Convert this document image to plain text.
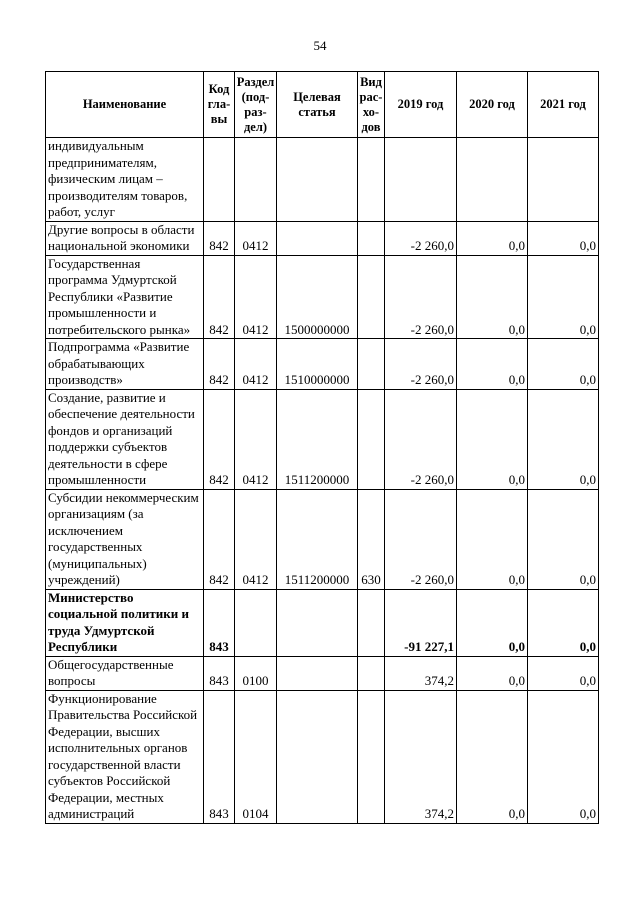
54
Наименование	Код гла-вы	Раздел (под-раз-дел)	Целевая статья	Вид рас-хо-дов	2019 год	2020 год	2021 год
индивидуальным предпринимателям, физическим лицам – производителям товаров, работ, услуг							
Другие вопросы в области национальной экономики	842	0412			-2 260,0	0,0	0,0
Государственная программа Удмуртской Республики «Развитие промышленности и потребительского рынка»	842	0412	1500000000		-2 260,0	0,0	0,0
Подпрограмма «Развитие обрабатывающих производств»	842	0412	1510000000		-2 260,0	0,0	0,0
Создание, развитие и обеспечение деятельности фондов и организаций поддержки субъектов деятельности в сфере промышленности	842	0412	1511200000		-2 260,0	0,0	0,0
Субсидии некоммерческим организациям (за исключением государственных (муниципальных) учреждений)	842	0412	1511200000	630	-2 260,0	0,0	0,0
Министерство социальной политики и труда Удмуртской Республики	843				-91 227,1	0,0	0,0
Общегосударственные вопросы	843	0100			374,2	0,0	0,0
Функционирование Правительства Российской Федерации, высших исполнительных органов государственной власти субъектов Российской Федерации, местных администраций	843	0104			374,2	0,0	0,0
